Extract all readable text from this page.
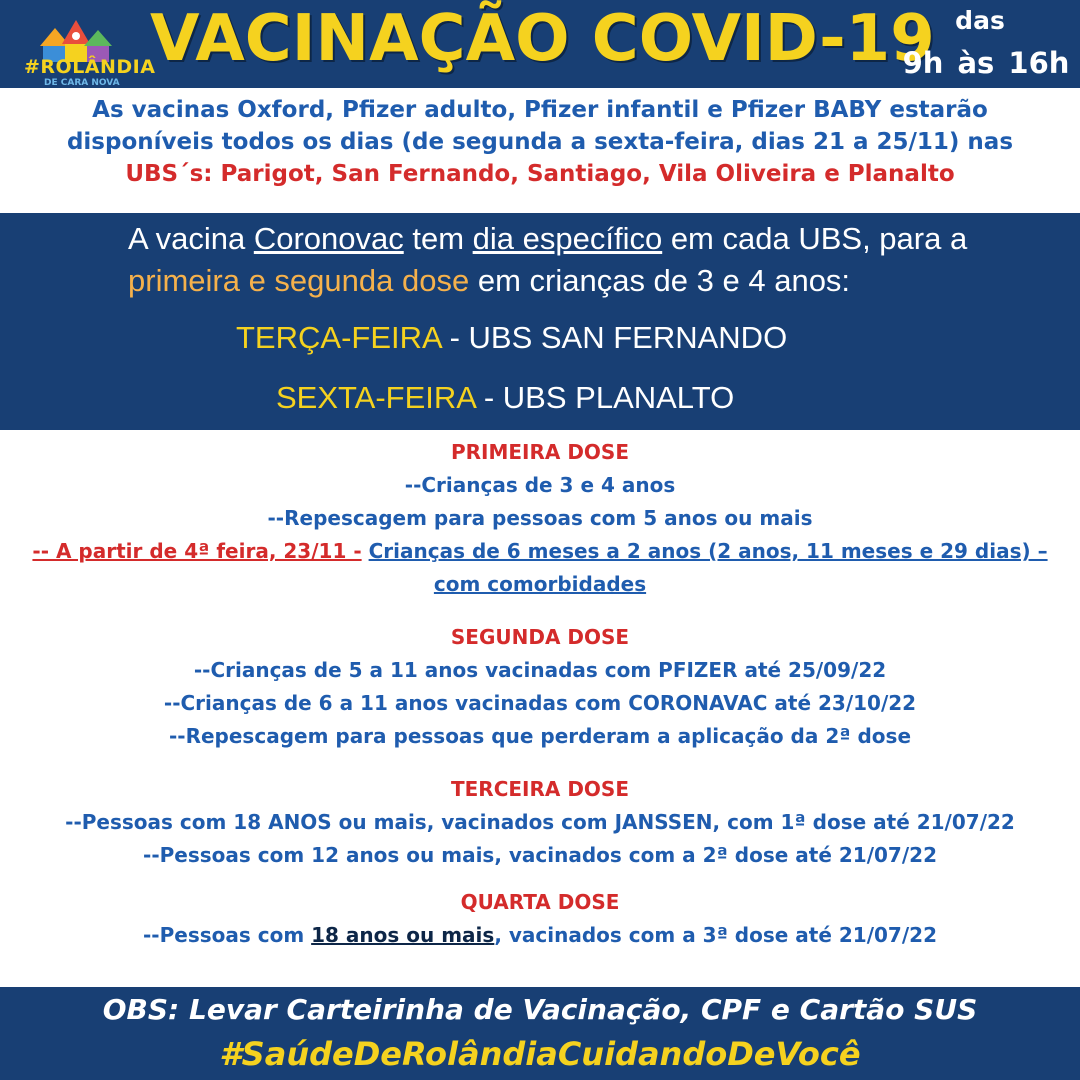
#ROLÂNDIA
DE CARA NOVA
VACINAÇÃO COVID-19 das
9h às 16h
As vacinas Oxford, Pfizer adulto, Pfizer infantil e Pfizer BABY estarão
disponíveis todos os dias (de segunda a sexta-feira, dias 21 a 25/11) nas
UBS´s: Parigot, San Fernando, Santiago, Vila Oliveira e Planalto
A vacina Coronovac tem dia específico em cada UBS, para a
primeira e segunda dose em crianças de 3 e 4 anos:
TERÇA-FEIRA - UBS SAN FERNANDO
SEXTA-FEIRA - UBS PLANALTO
PRIMEIRA DOSE
--Crianças de 3 e 4 anos
--Repescagem para pessoas com 5 anos ou mais
-- A partir de 4ª feira, 23/11 - Crianças de 6 meses a 2 anos (2 anos, 11 meses e 29 dias) –
com comorbidades
SEGUNDA DOSE
--Crianças de 5 a 11 anos vacinadas com PFIZER até 25/09/22
--Crianças de 6 a 11 anos vacinadas com CORONAVAC até 23/10/22
--Repescagem para pessoas que perderam a aplicação da 2ª dose
TERCEIRA DOSE
--Pessoas com 18 ANOS ou mais, vacinados com JANSSEN, com 1ª dose até 21/07/22
--Pessoas com 12 anos ou mais, vacinados com a 2ª dose até 21/07/22
QUARTA DOSE
--Pessoas com 18 anos ou mais, vacinados com a 3ª dose até 21/07/22
OBS: Levar Carteirinha de Vacinação, CPF e Cartão SUS
#SaúdeDeRolândiaCuidandoDeVocê
